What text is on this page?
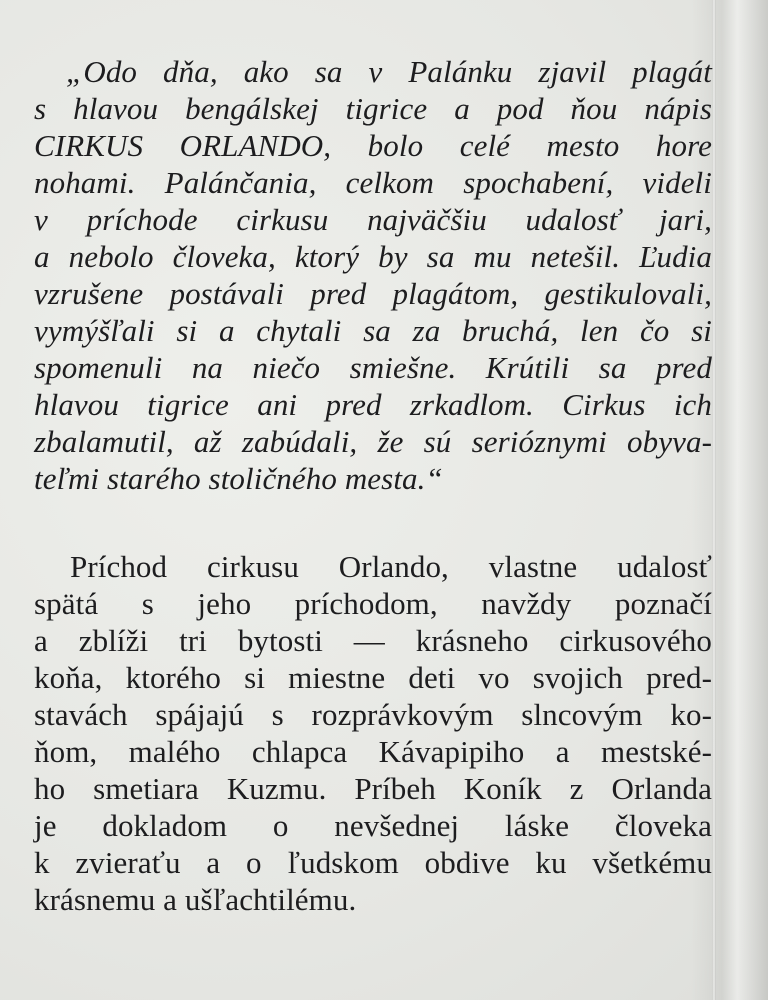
„Odo dňa, ako sa v Palánku zjavil plagát
s hlavou bengálskej tigrice a pod ňou nápis
CIRKUS ORLANDO, bolo celé mesto hore
nohami. Palánčania, celkom spochabení, videli
v príchode cirkusu najväčšiu udalosť jari,
a nebolo človeka, ktorý by sa mu netešil. Ľudia
vzrušene postávali pred plagátom, gestikulovali,
vymýšľali si a chytali sa za bruchá, len čo si
spomenuli na niečo smiešne. Krútili sa pred
hlavou tigrice ani pred zrkadlom. Cirkus ich
zbalamutil, až zabúdali, že sú serióznymi obyva-
teľmi starého stoličného mesta.“
Príchod cirkusu Orlando, vlastne udalosť
spätá s jeho príchodom, navždy poznačí
a zblíži tri bytosti — krásneho cirkusového
koňa, ktorého si miestne deti vo svojich pred-
stavách spájajú s rozprávkovým slncovým ko-
ňom, malého chlapca Kávapipiho a mestské-
ho smetiara Kuzmu. Príbeh Koník z Orlanda
je dokladom o nevšednej láske človeka
k zvieraťu a o ľudskom obdive ku všetkému
krásnemu a ušľachtilému.
